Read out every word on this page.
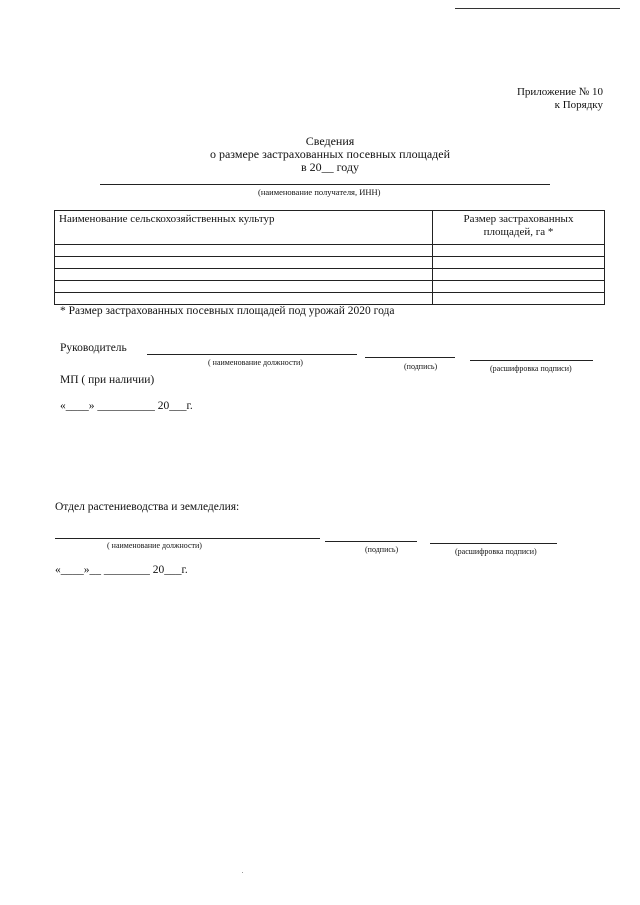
Приложение № 10
к Порядку
Сведения
о размере застрахованных посевных площадей
в 20__ году
(наименование получателя, ИНН)
Наименование сельскохозяйственных культур	Размер застрахованных
площадей, га *

* Размер застрахованных посевных площадей под урожай 2020 года
Руководитель
( наименование должности)	(подпись)	(расшифровка подписи)
МП ( при наличии)
«____» __________ 20___г.
Отдел растениеводства и земледелия:
( наименование должности)	(подпись)	(расшифровка подписи)
«____»__ ________ 20___г.
